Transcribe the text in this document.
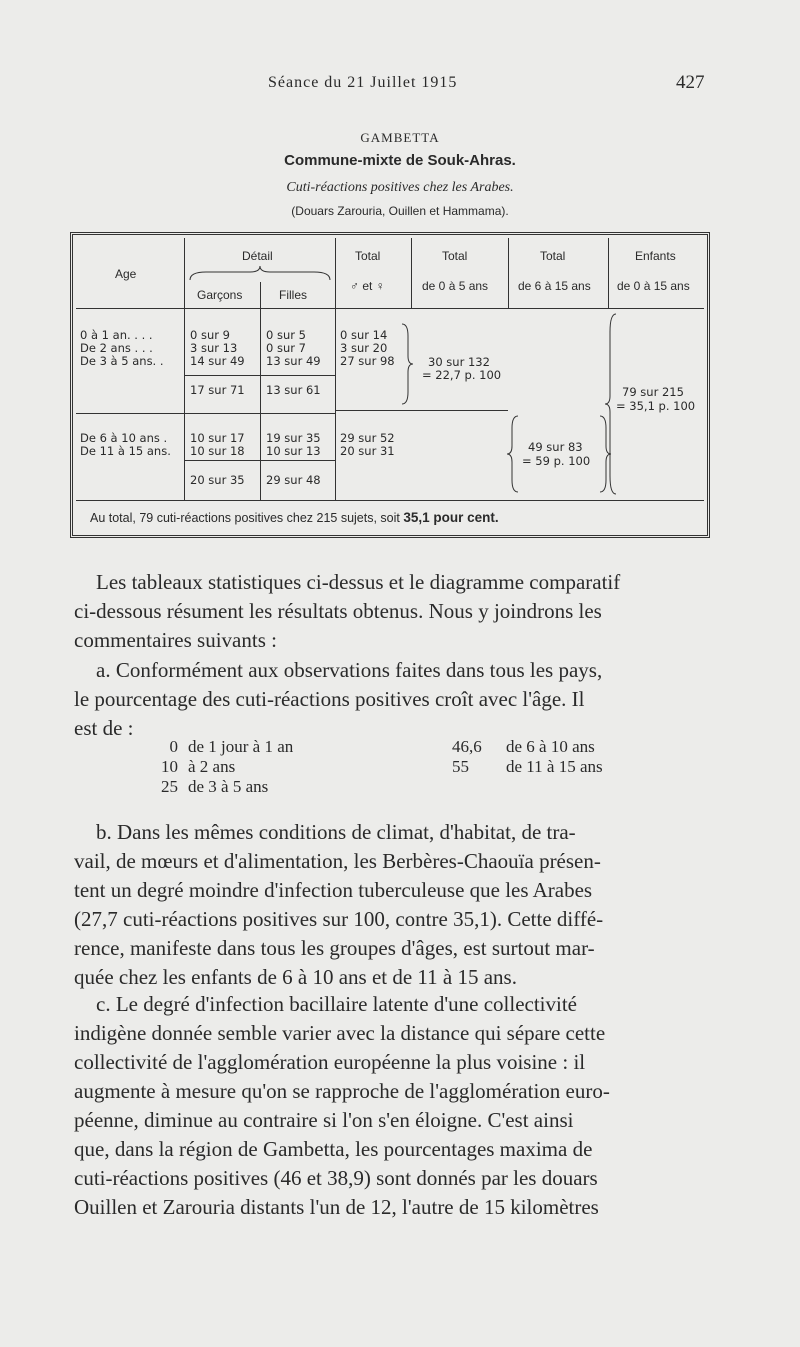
Séance du 21 Juillet 1915	427
GAMBETTA
Commune-mixte de Souk-Ahras.
Cuti-réactions positives chez les Arabes.
(Douars Zarouria, Ouillen et Hammama).
Age
Détail
Garçons	Filles
Total
♂ et ♀
Total
de 0 à 5 ans
Total
de 6 à 15 ans
Enfants
de 0 à 15 ans
0 à 1 an. . . .
De 2 ans . . .
De 3 à 5 ans. .
0 sur 9
3 sur 13
14 sur 49
0 sur 5
0 sur 7
13 sur 49
0 sur 14
3 sur 20
27 sur 98
17 sur 71 13 sur 61
30 sur 132
= 22,7 p. 100
De 6 à 10 ans .
De 11 à 15 ans.
10 sur 17
10 sur 18
19 sur 35
10 sur 13
29 sur 52
20 sur 31
20 sur 35 29 sur 48
49 sur 83
= 59 p. 100
79 sur 215
= 35,1 p. 100
Au total, 79 cuti-réactions positives chez 215 sujets, soit 35,1 pour cent.
Les tableaux statistiques ci-dessus et le diagramme comparatif
ci-dessous résument les résultats obtenus. Nous y joindrons les
commentaires suivants :
a. Conformément aux observations faites dans tous les pays,
le pourcentage des cuti-réactions positives croît avec l'âge. Il
est de :
0 de 1 jour à 1 an
10 à 2 ans
25 de 3 à 5 ans
46,6 de 6 à 10 ans
55 de 11 à 15 ans
b. Dans les mêmes conditions de climat, d'habitat, de tra-
vail, de mœurs et d'alimentation, les Berbères-Chaouïa présen-
tent un degré moindre d'infection tuberculeuse que les Arabes
(27,7 cuti-réactions positives sur 100, contre 35,1). Cette diffé-
rence, manifeste dans tous les groupes d'âges, est surtout mar-
quée chez les enfants de 6 à 10 ans et de 11 à 15 ans.
c. Le degré d'infection bacillaire latente d'une collectivité
indigène donnée semble varier avec la distance qui sépare cette
collectivité de l'agglomération européenne la plus voisine : il
augmente à mesure qu'on se rapproche de l'agglomération euro-
péenne, diminue au contraire si l'on s'en éloigne. C'est ainsi
que, dans la région de Gambetta, les pourcentages maxima de
cuti-réactions positives (46 et 38,9) sont donnés par les douars
Ouillen et Zarouria distants l'un de 12, l'autre de 15 kilomètres
